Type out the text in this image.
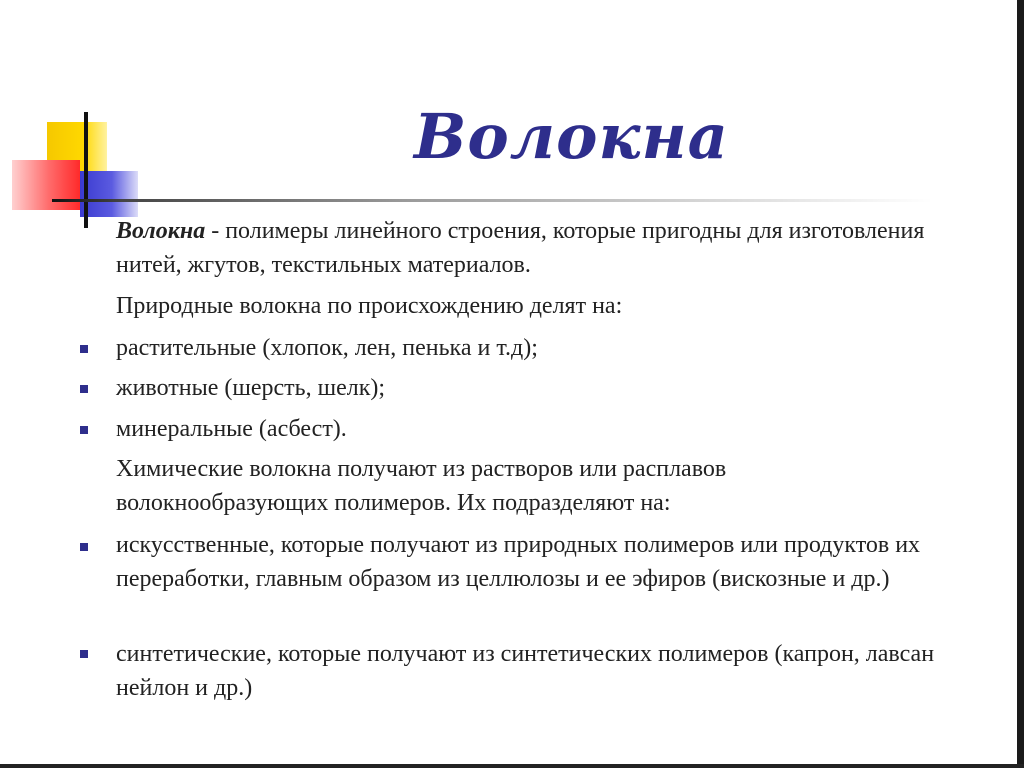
Волокна

Волокна - полимеры линейного строения, которые пригодны для изготовления нитей, жгутов, текстильных материалов.

Природные волокна по происхождению делят на:

растительные (хлопок, лен, пенька и т.д);

животные (шерсть, шелк);

минеральные (асбест).

Химические волокна получают из растворов или расплавов волокнообразующих полимеров. Их подразделяют на:

искусственные, которые получают из природных полимеров или продуктов их переработки, главным образом из целлюлозы и ее эфиров (вискозные и др.)

синтетические, которые получают из синтетических полимеров (капрон, лавсан нейлон и др.)
